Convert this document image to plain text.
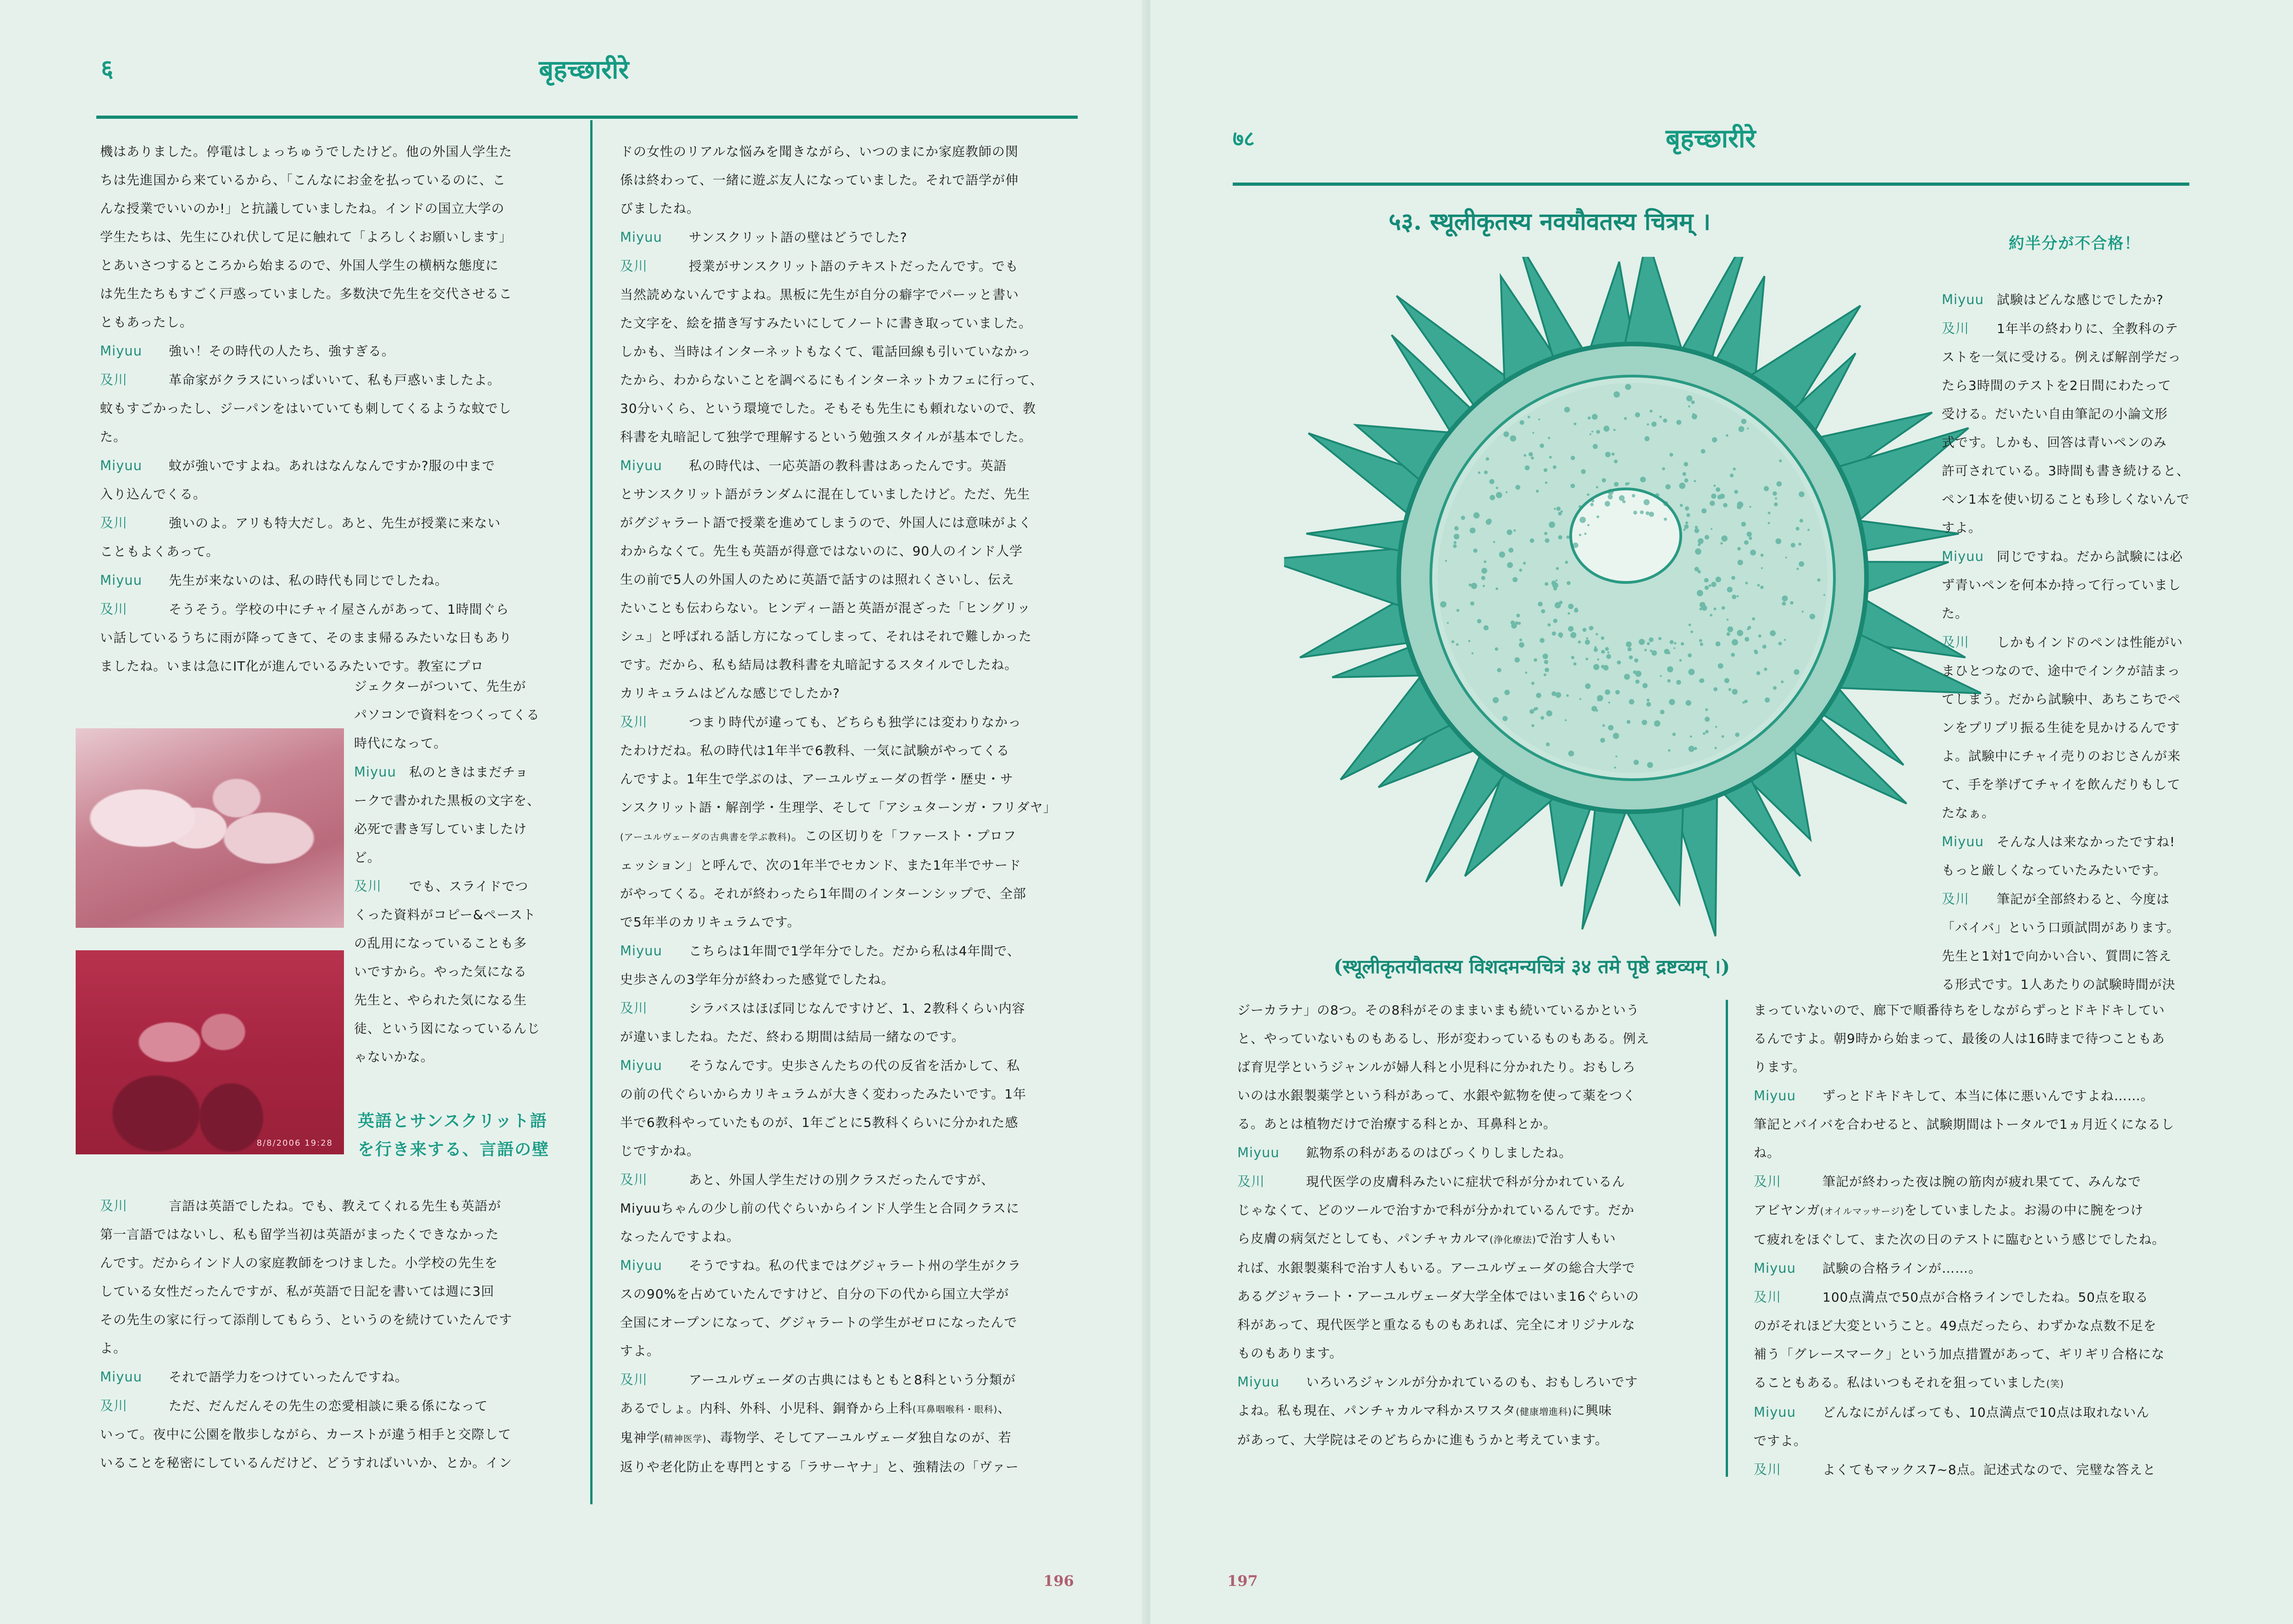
६	बृहच्छारीरे

機はありました。停電はしょっちゅうでしたけど。他の外国人学生た

ちは先進国から来ているから、「こんなにお金を払っているのに、こ

んな授業でいいのか!」と抗議していましたね。インドの国立大学の

学生たちは、先生にひれ伏して足に触れて「よろしくお願いします」

とあいさつするところから始まるので、外国人学生の横柄な態度に

は先生たちもすごく戸惑っていました。多数決で先生を交代させるこ

ともあったし。

Miyuu 強い！その時代の人たち、強すぎる。

及川	革命家がクラスにいっぱいいて、私も戸惑いましたよ。

蚊もすごかったし、ジーパンをはいていても刺してくるような蚊でし

た。

Miyuu 蚊が強いですよね。あれはなんなんですか?服の中まで

入り込んでくる。

及川	強いのよ。アリも特大だし。あと、先生が授業に来ない

こともよくあって。

Miyuu 先生が来ないのは、私の時代も同じでしたね。

及川	そうそう。学校の中にチャイ屋さんがあって、1時間ぐら

い話しているうちに雨が降ってきて、そのまま帰るみたいな日もあり

ましたね。いまは急にIT化が進んでいるみたいです。教室にプロ

ジェクターがついて、先生が

パソコンで資料をつくってくる

時代になって。

Miyuu 私のときはまだチョ

ークで書かれた黒板の文字を、

必死で書き写していましたけ

ど。

及川 でも、スライドでつ

くった資料がコピー&ペースト

の乱用になっていることも多

いですから。やった気になる

先生と、やられた気になる生

徒、という図になっているんじ

ゃないかな。

8/8/2006 19:28
英語とサンスクリット語
を行き来する、言語の壁

及川	言語は英語でしたね。でも、教えてくれる先生も英語が

第一言語ではないし、私も留学当初は英語がまったくできなかった

んです。だからインド人の家庭教師をつけました。小学校の先生を

している女性だったんですが、私が英語で日記を書いては週に3回

その先生の家に行って添削してもらう、というのを続けていたんです

よ。

Miyuu それで語学力をつけていったんですね。

及川	ただ、だんだんその先生の恋愛相談に乗る係になって

いって。夜中に公園を散歩しながら、カーストが違う相手と交際して

いることを秘密にしているんだけど、どうすればいいか、とか。イン

ドの女性のリアルな悩みを聞きながら、いつのまにか家庭教師の関

係は終わって、一緒に遊ぶ友人になっていました。それで語学が伸

びましたね。

Miyuu サンスクリット語の壁はどうでした?

及川	授業がサンスクリット語のテキストだったんです。でも

当然読めないんですよね。黒板に先生が自分の癖字でパーッと書い

た文字を、絵を描き写すみたいにしてノートに書き取っていました。

しかも、当時はインターネットもなくて、電話回線も引いていなかっ

たから、わからないことを調べるにもインターネットカフェに行って、

30分いくら、という環境でした。そもそも先生にも頼れないので、教

科書を丸暗記して独学で理解するという勉強スタイルが基本でした。

Miyuu 私の時代は、一応英語の教科書はあったんです。英語

とサンスクリット語がランダムに混在していましたけど。ただ、先生

がグジャラート語で授業を進めてしまうので、外国人には意味がよく

わからなくて。先生も英語が得意ではないのに、90人のインド人学

生の前で5人の外国人のために英語で話すのは照れくさいし、伝え

たいことも伝わらない。ヒンディー語と英語が混ざった「ヒングリッ

シュ」と呼ばれる話し方になってしまって、それはそれで難しかった

です。だから、私も結局は教科書を丸暗記するスタイルでしたね。

カリキュラムはどんな感じでしたか?

及川	つまり時代が違っても、どちらも独学には変わりなかっ

たわけだね。私の時代は1年半で6教科、一気に試験がやってくる

んですよ。1年生で学ぶのは、アーユルヴェーダの哲学・歴史・サ

ンスクリット語・解剖学・生理学、そして「アシュターンガ・フリダヤ」

(アーユルヴェーダの古典書を学ぶ教科)。この区切りを「ファースト・プロフ

ェッション」と呼んで、次の1年半でセカンド、また1年半でサード

がやってくる。それが終わったら1年間のインターンシップで、全部

で5年半のカリキュラムです。

Miyuu こちらは1年間で1学年分でした。だから私は4年間で、

史歩さんの3学年分が終わった感覚でしたね。

及川	シラバスはほぼ同じなんですけど、1、2教科くらい内容

が違いましたね。ただ、終わる期間は結局一緒なのです。

Miyuu そうなんです。史歩さんたちの代の反省を活かして、私

の前の代ぐらいからカリキュラムが大きく変わったみたいです。1年

半で6教科やっていたものが、1年ごとに5教科くらいに分かれた感

じですかね。

及川	あと、外国人学生だけの別クラスだったんですが、

Miyuuちゃんの少し前の代ぐらいからインド人学生と合同クラスに

なったんですよね。

Miyuu そうですね。私の代まではグジャラート州の学生がクラ

スの90%を占めていたんですけど、自分の下の代から国立大学が

全国にオープンになって、グジャラートの学生がゼロになったんで

すよ。

及川	アーユルヴェーダの古典にはもともと8科という分類が

あるでしょ。内科、外科、小児科、銅脊から上科(耳鼻咽喉科・眼科)、

鬼神学(精神医学)、毒物学、そしてアーユルヴェーダ独自なのが、若

返りや老化防止を専門とする「ラサーヤナ」と、強精法の「ヴァー

196
७८	बृहच्छारीरे
५३. स्थूलीकृतस्य नवयौवतस्य चित्रम् ।
約半分が不合格！

Miyuu 試験はどんな感じでしたか?

及川 1年半の終わりに、全教科のテ

ストを一気に受ける。例えば解剖学だっ

たら3時間のテストを2日間にわたって

受ける。だいたい自由筆記の小論文形

式です。しかも、回答は青いペンのみ

許可されている。3時間も書き続けると、

ペン1本を使い切ることも珍しくないんで

すよ。

Miyuu 同じですね。だから試験には必

ず青いペンを何本か持って行っていまし

た。

及川 しかもインドのペンは性能がい

まひとつなので、途中でインクが詰まっ

てしまう。だから試験中、あちこちでペ

ンをプリプリ振る生徒を見かけるんです

よ。試験中にチャイ売りのおじさんが来

て、手を挙げてチャイを飲んだりもして

たなぁ。

Miyuu そんな人は来なかったですね!

もっと厳しくなっていたみたいです。

及川 筆記が全部終わると、今度は

「バイバ」という口頭試問があります。

先生と1対1で向かい合い、質問に答え

る形式です。1人あたりの試験時間が決

(स्थूलीकृतयौवतस्य विशदमन्यचित्रं ३४ तमे पृष्ठे द्रष्टव्यम् ।)

ジーカラナ」の8つ。その8科がそのままいまも続いているかという

と、やっていないものもあるし、形が変わっているものもある。例え

ば育児学というジャンルが婦人科と小児科に分かれたり。おもしろ

いのは水銀製薬学という科があって、水銀や鉱物を使って薬をつく

る。あとは植物だけで治療する科とか、耳鼻科とか。

Miyuu 鉱物系の科があるのはびっくりしましたね。

及川	現代医学の皮膚科みたいに症状で科が分かれているん

じゃなくて、どのツールで治すかで科が分かれているんです。だか

ら皮膚の病気だとしても、パンチャカルマ(浄化療法)で治す人もい

れば、水銀製薬科で治す人もいる。アーユルヴェーダの総合大学で

あるグジャラート・アーユルヴェーダ大学全体ではいま16ぐらいの

科があって、現代医学と重なるものもあれば、完全にオリジナルな

ものもあります。

Miyuu いろいろジャンルが分かれているのも、おもしろいです

よね。私も現在、パンチャカルマ科かスワスタ(健康増進科)に興味

があって、大学院はそのどちらかに進もうかと考えています。

まっていないので、廊下で順番待ちをしながらずっとドキドキしてい

るんですよ。朝9時から始まって、最後の人は16時まで待つこともあ

ります。

Miyuu ずっとドキドキして、本当に体に悪いんですよね……。

筆記とバイバを合わせると、試験期間はトータルで1ヵ月近くになるし

ね。

及川	筆記が終わった夜は腕の筋肉が疲れ果てて、みんなで

アビヤンガ(オイルマッサージ)をしていましたよ。お湯の中に腕をつけ

て疲れをほぐして、また次の日のテストに臨むという感じでしたね。

Miyuu 試験の合格ラインが……。

及川	100点満点で50点が合格ラインでしたね。50点を取る

のがそれほど大変ということ。49点だったら、わずかな点数不足を

補う「グレースマーク」という加点措置があって、ギリギリ合格にな

ることもある。私はいつもそれを狙っていました(笑)

Miyuu どんなにがんばっても、10点満点で10点は取れないん

ですよ。

及川	よくてもマックス7~8点。記述式なので、完璧な答えと

197
